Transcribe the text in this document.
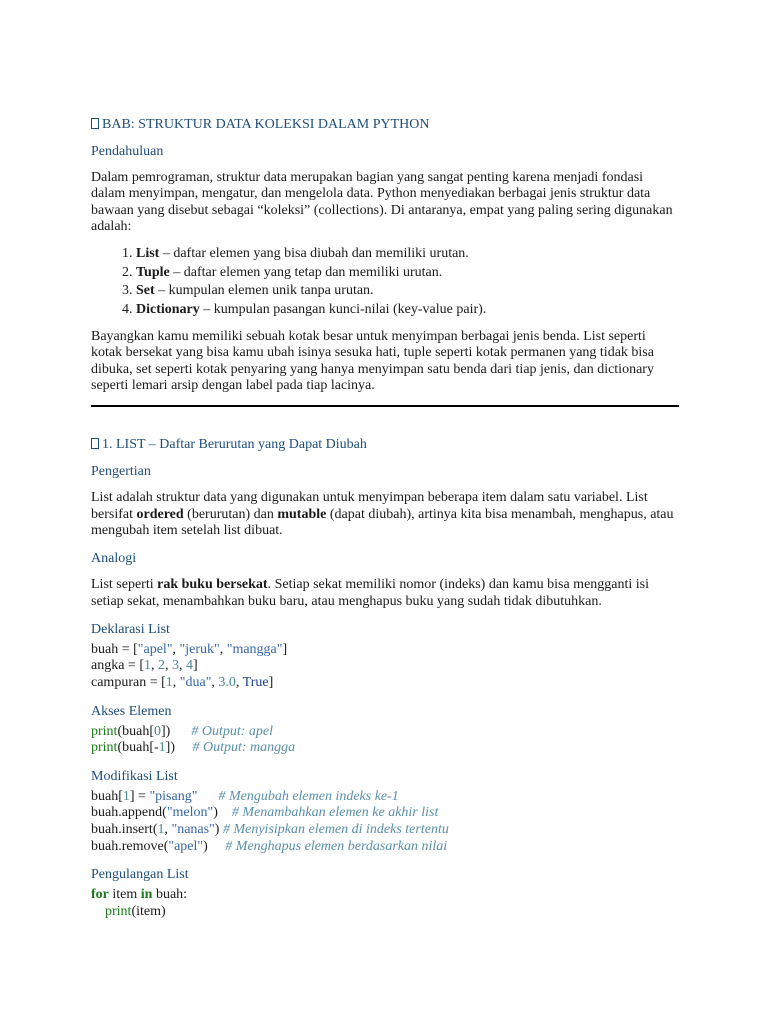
BAB: STRUKTUR DATA KOLEKSI DALAM PYTHON
Pendahuluan

Dalam pemrograman, struktur data merupakan bagian yang sangat penting karena menjadi fondasi dalam menyimpan, mengatur, dan mengelola data. Python menyediakan berbagai jenis struktur data bawaan yang disebut sebagai “koleksi” (collections). Di antaranya, empat yang paling sering digunakan adalah:

1. List – daftar elemen yang bisa diubah dan memiliki urutan.
2. Tuple – daftar elemen yang tetap dan memiliki urutan.
3. Set – kumpulan elemen unik tanpa urutan.
4. Dictionary – kumpulan pasangan kunci-nilai (key-value pair).

Bayangkan kamu memiliki sebuah kotak besar untuk menyimpan berbagai jenis benda. List seperti kotak bersekat yang bisa kamu ubah isinya sesuka hati, tuple seperti kotak permanen yang tidak bisa dibuka, set seperti kotak penyaring yang hanya menyimpan satu benda dari tiap jenis, dan dictionary seperti lemari arsip dengan label pada tiap lacinya.

1. LIST – Daftar Berurutan yang Dapat Diubah
Pengertian

List adalah struktur data yang digunakan untuk menyimpan beberapa item dalam satu variabel. List bersifat ordered (berurutan) dan mutable (dapat diubah), artinya kita bisa menambah, menghapus, atau mengubah item setelah list dibuat.

Analogi

List seperti rak buku bersekat. Setiap sekat memiliki nomor (indeks) dan kamu bisa mengganti isi setiap sekat, menambahkan buku baru, atau menghapus buku yang sudah tidak dibutuhkan.

Deklarasi List
buah = ["apel", "jeruk", "mangga"]
angka = [1, 2, 3, 4]
campuran = [1, "dua", 3.0, True]
Akses Elemen
print(buah[0])      # Output: apel
print(buah[-1])     # Output: mangga
Modifikasi List
buah[1] = "pisang" # Mengubah elemen indeks ke-1
buah.append("melon")    # Menambahkan elemen ke akhir list
buah.insert(1, "nanas") # Menyisipkan elemen di indeks tertentu
buah.remove("apel")     # Menghapus elemen berdasarkan nilai
Pengulangan List
for item in buah:
print(item)
